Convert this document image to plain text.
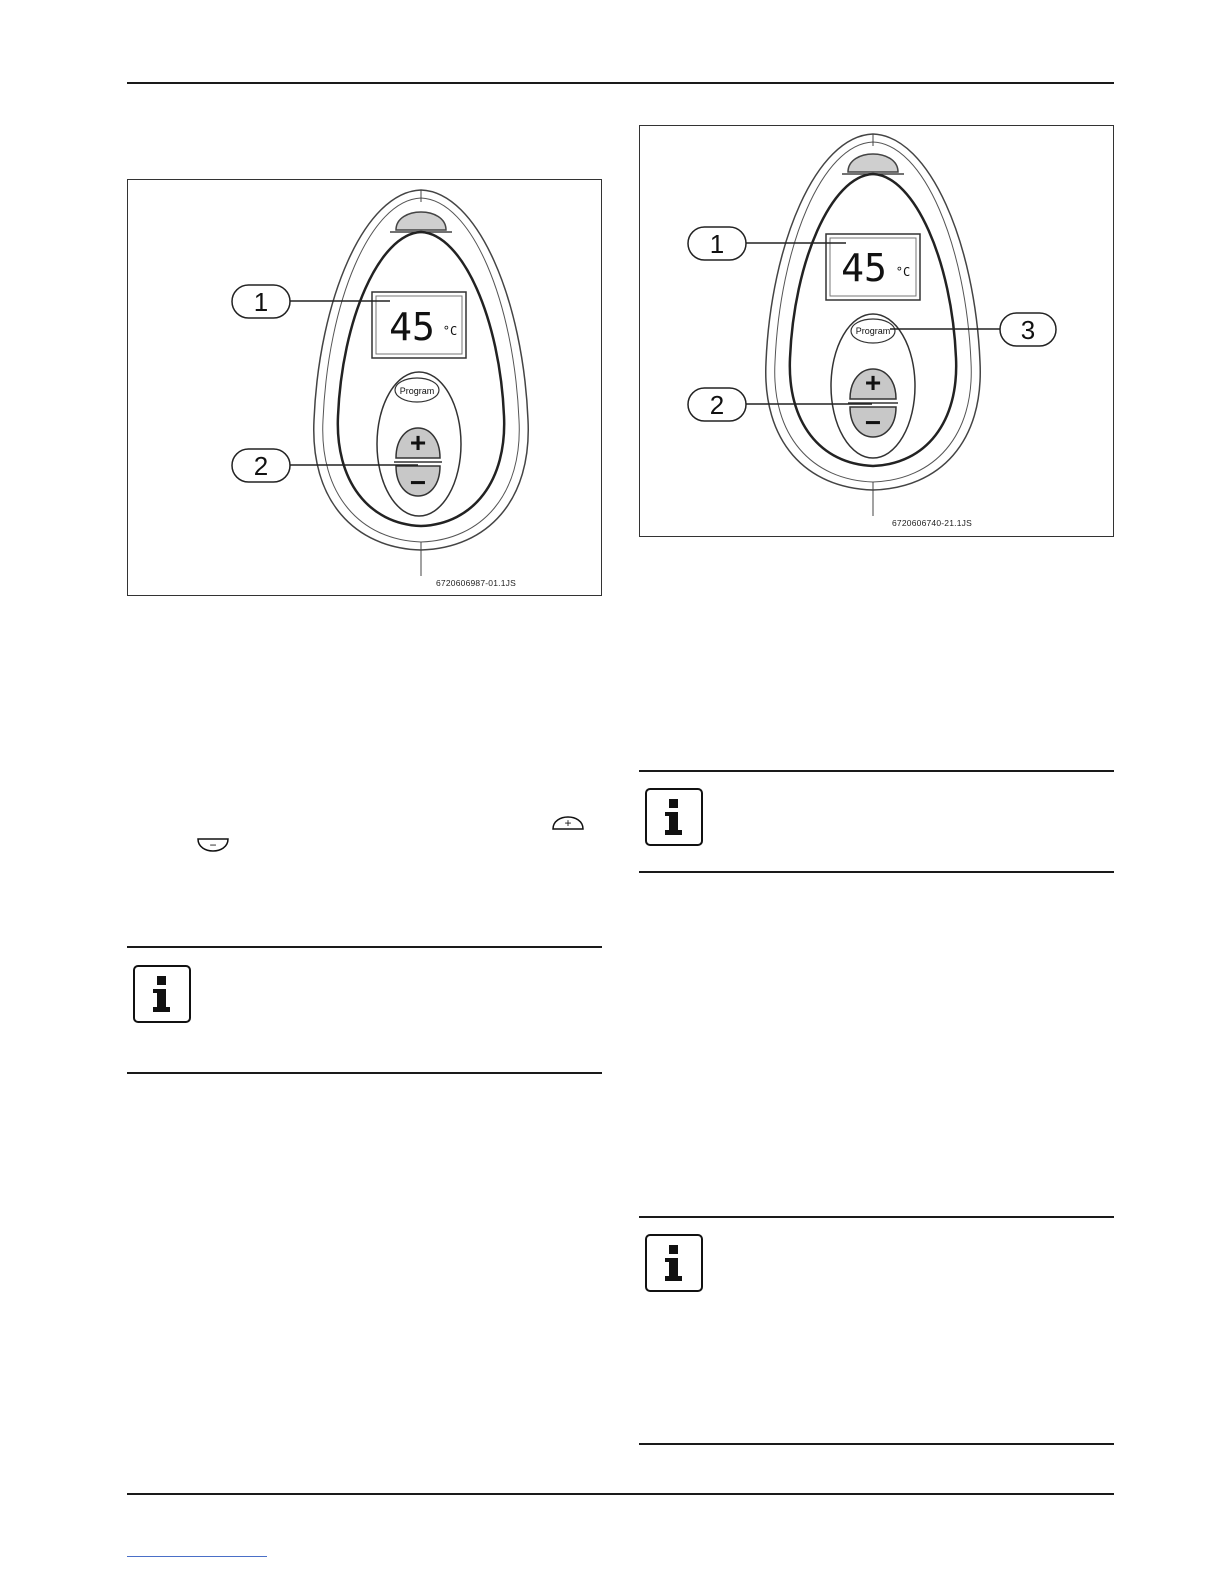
1
2
45 °C
Program
+
−
6720606987-01.1JS
1
2
3
45 °C
Program
+
−
6720606740-21.1JS
+
−
